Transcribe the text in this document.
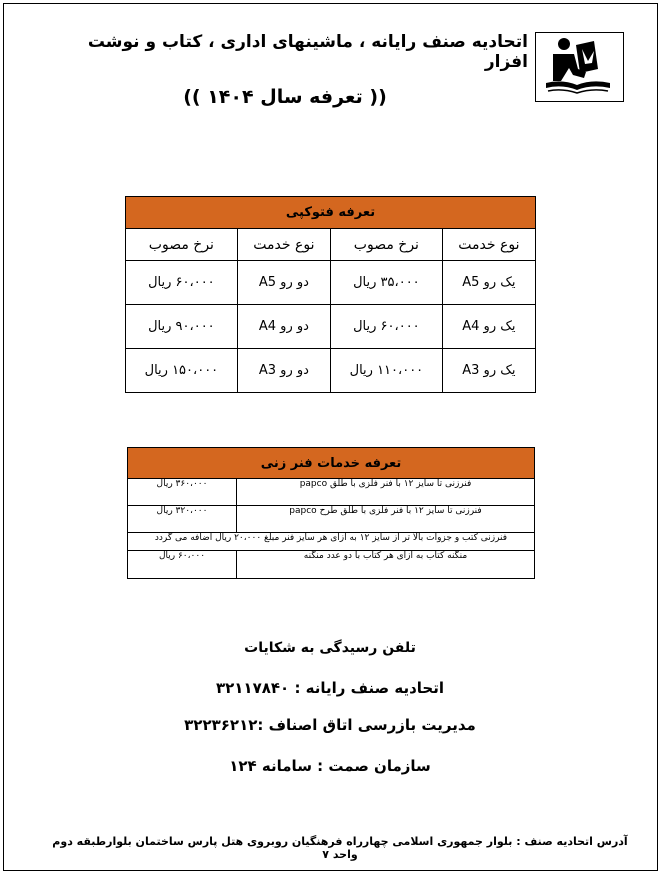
اتحادیه صنف رایانه ، ماشینهای اداری ، کتاب و نوشت افزار
(( تعرفه سال ۱۴۰۴ ))
تعرفه فتوکپی			
نوع خدمت	نرخ مصوب	نوع خدمت	نرخ مصوب
یک رو A5	۳۵،۰۰۰ ریال	دو رو A5	۶۰،۰۰۰ ریال
یک رو A4	۶۰،۰۰۰ ریال	دو رو A4	۹۰،۰۰۰ ریال
یک رو A3	۱۱۰،۰۰۰ ریال	دو رو A3	۱۵۰،۰۰۰ ریال
تعرفه خدمات فنر زنی	
فنرزنی تا سایز ۱۲ با فنر فلزی با طلق papco	۳۶۰،۰۰۰ ریال
فنرزنی تا سایز ۱۲ با فنر فلزی با طلق طرح papco	۳۲۰،۰۰۰ ریال
فنرزنی کتب و جزوات بالا تر از سایز ۱۲ به ازای هر سایز فنر مبلغ ۲۰،۰۰۰ ریال اضافه می گردد	
منگنه کتاب به ازای هر کتاب با دو عدد منگنه	۶۰،۰۰۰ ریال
تلفن رسیدگی به شکایات
اتحادیه صنف رایانه : ۳۲۱۱۷۸۴۰
مدیریت بازرسی اتاق اصناف :۳۲۲۳۶۲۱۲
سازمان صمت : سامانه ۱۲۴
آدرس اتحادیه صنف : بلوار جمهوری اسلامی چهارراه فرهنگیان روبروی هتل پارس ساختمان بلوارطبقه دوم واحد ۷
